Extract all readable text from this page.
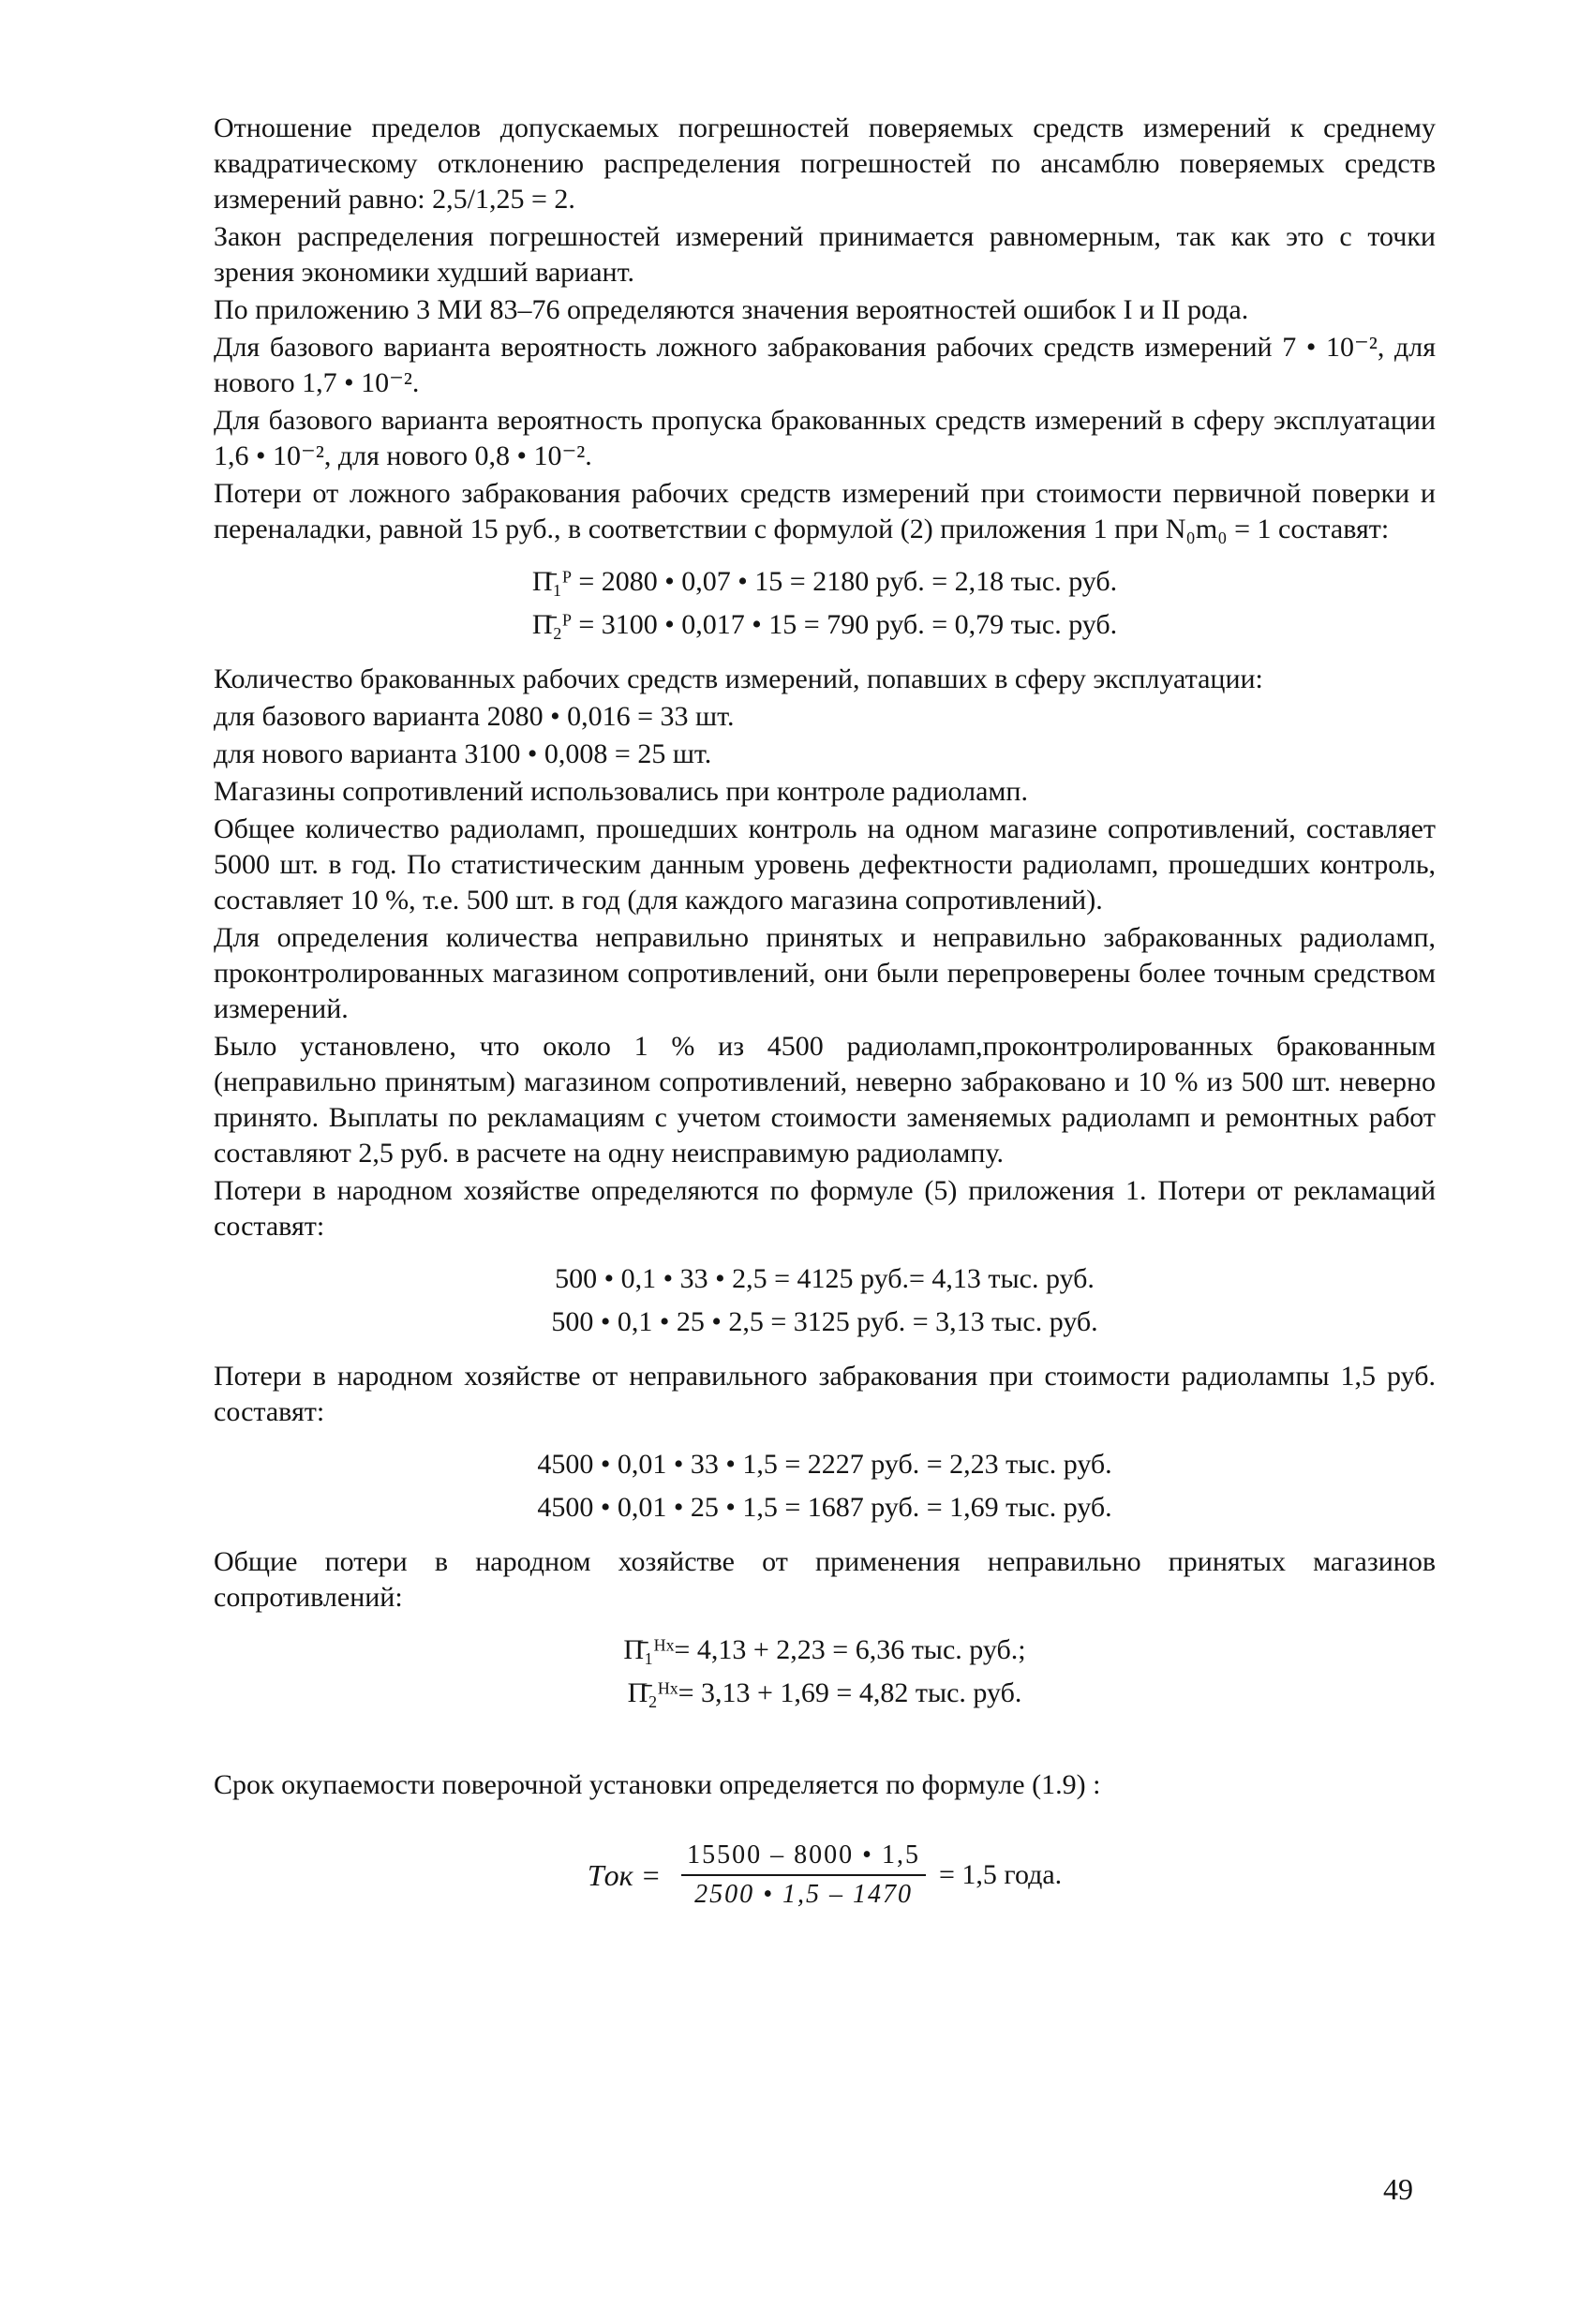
Отношение пределов допускаемых погрешностей поверяемых средств измерений к среднему квадратическому отклонению распределения погрешностей по ансамблю поверяемых средств измерений равно: 2,5/1,25 = 2.

Закон распределения погрешностей измерений принимается равномерным, так как это с точки зрения экономики худший вариант.

По приложению 3 МИ 83–76 определяются значения вероятностей ошибок I и II рода.

Для базового варианта вероятность ложного забракования рабочих средств измерений 7 • 10⁻², для нового 1,7 • 10⁻².

Для базового варианта вероятность пропуска бракованных средств измерений в сферу эксплуатации 1,6 • 10⁻², для нового 0,8 • 10⁻².

Потери от ложного забракования рабочих средств измерений при стоимости первичной поверки и переналадки, равной 15 руб., в соответствии с формулой (2) приложения 1 при N₀m₀ = 1 составят:

П̄₁ᴾ = 2080 • 0,07 • 15 = 2180 руб. = 2,18 тыс. руб.

П̄₂ᴾ = 3100 • 0,017 • 15 = 790 руб. = 0,79 тыс. руб.

Количество бракованных рабочих средств измерений, попавших в сферу эксплуатации:

для базового варианта 2080 • 0,016 = 33 шт.

для нового варианта 3100 • 0,008 = 25 шт.

Магазины сопротивлений использовались при контроле радиоламп.

Общее количество радиоламп, прошедших контроль на одном магазине сопротивлений, составляет 5000 шт. в год. По статистическим данным уровень дефектности радиоламп, прошедших контроль, составляет 10 %, т.е. 500 шт. в год (для каждого магазина сопротивлений).

Для определения количества неправильно принятых и неправильно забракованных радиоламп, проконтролированных магазином сопротивлений, они были перепроверены более точным средством измерений.

Было установлено, что около 1 % из 4500 радиоламп,проконтролированных бракованным (неправильно принятым) магазином сопротивлений, неверно забраковано и 10 % из 500 шт. неверно принято. Выплаты по рекламациям с учетом стоимости заменяемых радиоламп и ремонтных работ составляют 2,5 руб. в расчете на одну неисправимую радиолампу.

Потери в народном хозяйстве определяются по формуле (5) приложения 1. Потери от рекламаций составят:

500 • 0,1 • 33 • 2,5 = 4125 руб.= 4,13 тыс. руб.

500 • 0,1 • 25 • 2,5 = 3125 руб. = 3,13 тыс. руб.

Потери в народном хозяйстве от неправильного забракования при стоимости радиолампы 1,5 руб. составят:

4500 • 0,01 • 33 • 1,5 = 2227 руб. = 2,23 тыс. руб.

4500 • 0,01 • 25 • 1,5 = 1687 руб. = 1,69 тыс. руб.

Общие потери в народном хозяйстве от применения неправильно принятых магазинов сопротивлений:

П̄₁ᴴˣ= 4,13 + 2,23 = 6,36 тыс. руб.;

П̄₂ᴴˣ= 3,13 + 1,69 = 4,82 тыс. руб.

Срок окупаемости поверочной установки определяется по формуле (1.9) :

Tок = $\frac{15500 - 8000 • 1,5}{2500 • 1,5 - 1470} = 1,5$ года.
49
